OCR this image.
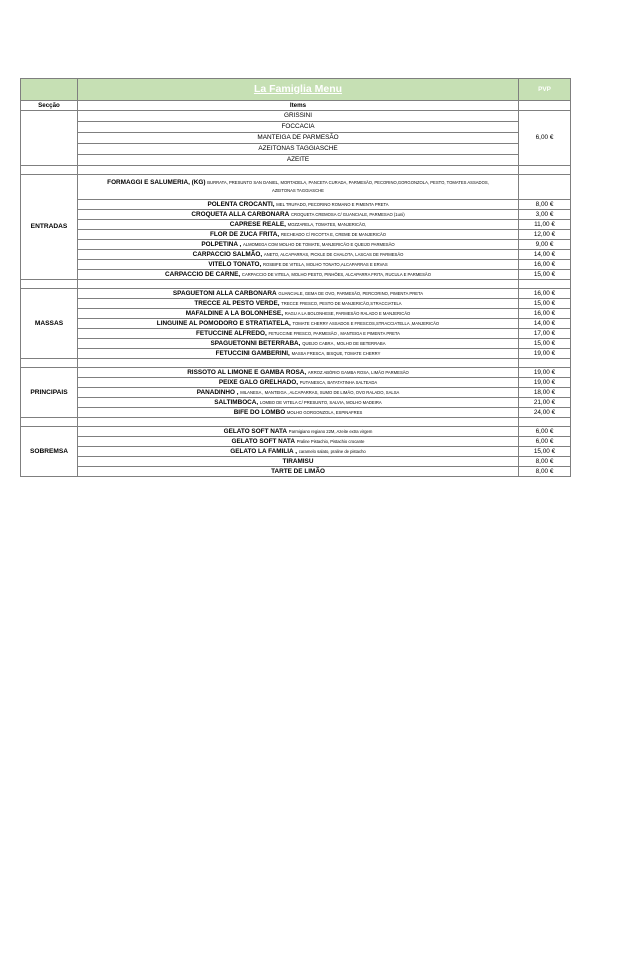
	La Famiglia Menu	PVP
Secção	Items	
	GRISSINI	6,00 €
	FOCCACIA	
	MANTEIGA DE PARMESÃO	
	AZEITONAS TAGGIASCHE	
	AZEITE	

ENTRADAS	FORMAGGI E SALUMERIA, (KG) BURRATA, PRESUNTO SAN DANIEL, MORTADELA, PANCETA CURADA, PARMESÃO, PECORINO,GORGONZOLA, PESTO, TOMATES ASSADOS, AZEITONAS TAGGIASCHE	
	POLENTA CROCANTI, MEL TRUFADO, PECORINO ROMANO E PIMENTA PRETA	8,00 €
	CROQUETA ALLA CARBONARA CROQUETA CREMOSA C/ GUANCIALE, PARMESAO (1uni)	3,00 €
	CAPRESE REALE, MOZZARELA, TOMATES, MANJERICÃO,	11,00 €
	FLOR DE ZUCA FRITA, RECHEADO C/ RICOTTA E, CREME DE MANJERICÃO	12,00 €
	POLPETINA , ALMOMEGA COM MOLHO DE TOMATE, MANJERICÃO E QUEIJO PARMESÃO	9,00 €
	CARPACCIO SALMÃO, ANETO, ALCAPARRAS, PICKLE DE CHALOTA, LASCAS DE PARMESÃO	14,00 €
	VITELO TONATO, ROSBIFE DE VITELA, MOLHO TONATO,ALCAPARRAS E ERVAS	16,00 €
	CARPACCIO DE CARNE, CARPACCIO DE VITELA, MOLHO PESTO, PINHÕES, ALCAPARRA FRITA, RUCULA E PARMESÃO	15,00 €

MASSAS	SPAGUETONI ALLA CARBONARA GUANCIALE, GEMA DE OVO, PARMESÃO, PERCORINO, PIMENTA PRETA	16,00 €
	TRECCE AL PESTO VERDE, TRECCE FRESCO, PESTO DE MANJERICÃO,STRACCIATELA	15,00 €
	MAFALDINE A LA BOLONHESE, RAGU A LA BOLONHESE, PARMESÃO RALADO E MANJERICÃO	16,00 €
	LINGUINE AL POMODORO E STRATIATELA, TOMATE CHERRY ASSADOS E FRESCOS,STRACCIATELLA ,MANJERICÃO	14,00 €
	FETUCCINE ALFREDO, FETUCCINE FRESCO, PARMESÃO , MANTEIGA E PIMENTA PRETA	17,00 €
	SPAGUETONNI BETERRABA, QUEIJO CABRA , MOLHO DE BETERRABA	15,00 €
	FETUCCINI GAMBERINI, MASSA FRESCA, BISQUE, TOMATE CHERRY	19,00 €

PRINCIPAIS	RISSOTO AL LIMONE E GAMBA ROSA, ARROZ ABÓRIO GAMBA ROSA, LIMÃO PARMESÃO	19,00 €
	PEIXE GALO GRELHADO, PUTANESCA, BATATATINHA SALTEADA	19,00 €
	PANADINHO , MILANESA , MANTEIGA , ALCAPARRAS, SUMO DE LIMÃO, OVO RALADO, SALSA	18,00 €
	SALTIMBOCA, LOMBO DE VITELA C/ PRESUNTO, SALVIA, MOLHO MADEIRA	21,00 €
	BIFE DO LOMBO MOLHO GORGONZOLA, ESPINAFRES	24,00 €

SOBREMSA	GELATO SOFT NATA Parmigiano regiano 22M, Azeite extra virgem	6,00 €
	GELATO SOFT NATA Praline Pistachio, Pistachio crocante	6,00 €
	GELATO LA FAMILIA , caramelo salato, praline de pistacho	15,00 €
	TIRAMISU	8,00 €
	TARTE DE LIMÃO	8,00 €
